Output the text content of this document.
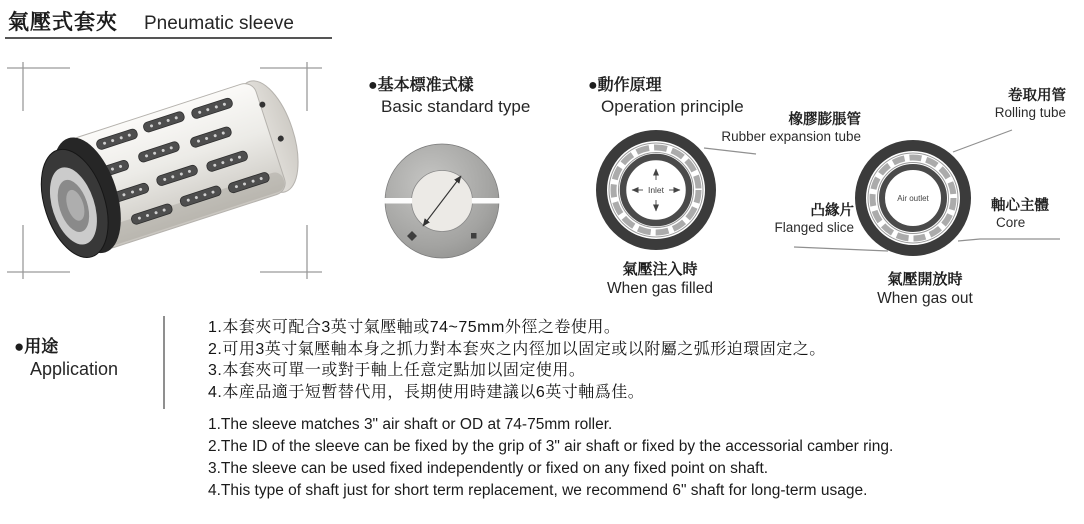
氣壓式套夾 Pneumatic sleeve
●基本標准式樣
Basic standard type
●動作原理
Operation principle
Inlet
Air outlet
橡膠膨脹管
Rubber expansion tube
凸緣片
Flanged slice
卷取用管
Rolling tube
軸心主體
Core
氣壓注入時
When gas filled
氣壓開放時
When gas out
●用途
Application
1.本套夾可配合3英寸氣壓軸或74~75mm外徑之卷使用。
2.可用3英寸氣壓軸本身之抓力對本套夾之内徑加以固定或以附屬之弧形迫環固定之。
3.本套夾可單一或對于軸上任意定點加以固定使用。
4.本産品適于短暫替代用，長期使用時建議以6英寸軸爲佳。
1.The sleeve matches 3" air shaft or OD at 74-75mm roller.
2.The ID of the sleeve can be fixed by the grip of 3" air shaft or fixed by the accessorial camber ring.
3.The sleeve can be used fixed independently or fixed on any fixed point on shaft.
4.This type of shaft just for short term replacement, we recommend 6" shaft for long-term usage.
